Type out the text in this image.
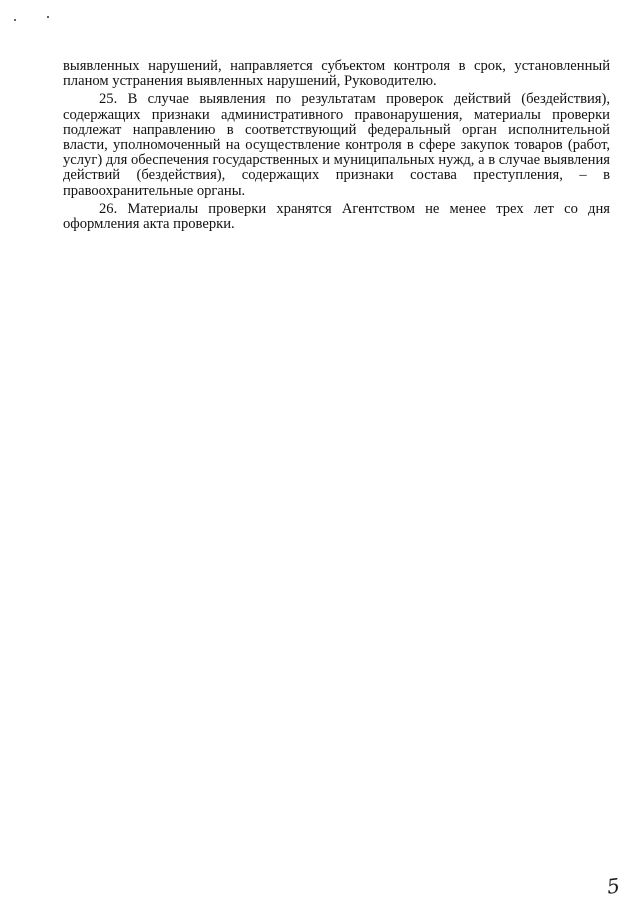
выявленных нарушений, направляется субъектом контроля в срок, установленный планом устранения выявленных нарушений, Руководителю.

25. В случае выявления по результатам проверок действий (бездействия), содержащих признаки административного правонарушения, материалы проверки подлежат направлению в соответствующий федеральный орган исполнительной власти, уполномоченный на осуществление контроля в сфере закупок товаров (работ, услуг) для обеспечения государственных и муниципальных нужд, а в случае выявления действий (бездействия), содержащих признаки состава преступления, – в правоохранительные органы.

26. Материалы проверки хранятся Агентством не менее трех лет со дня оформления акта проверки.

5
